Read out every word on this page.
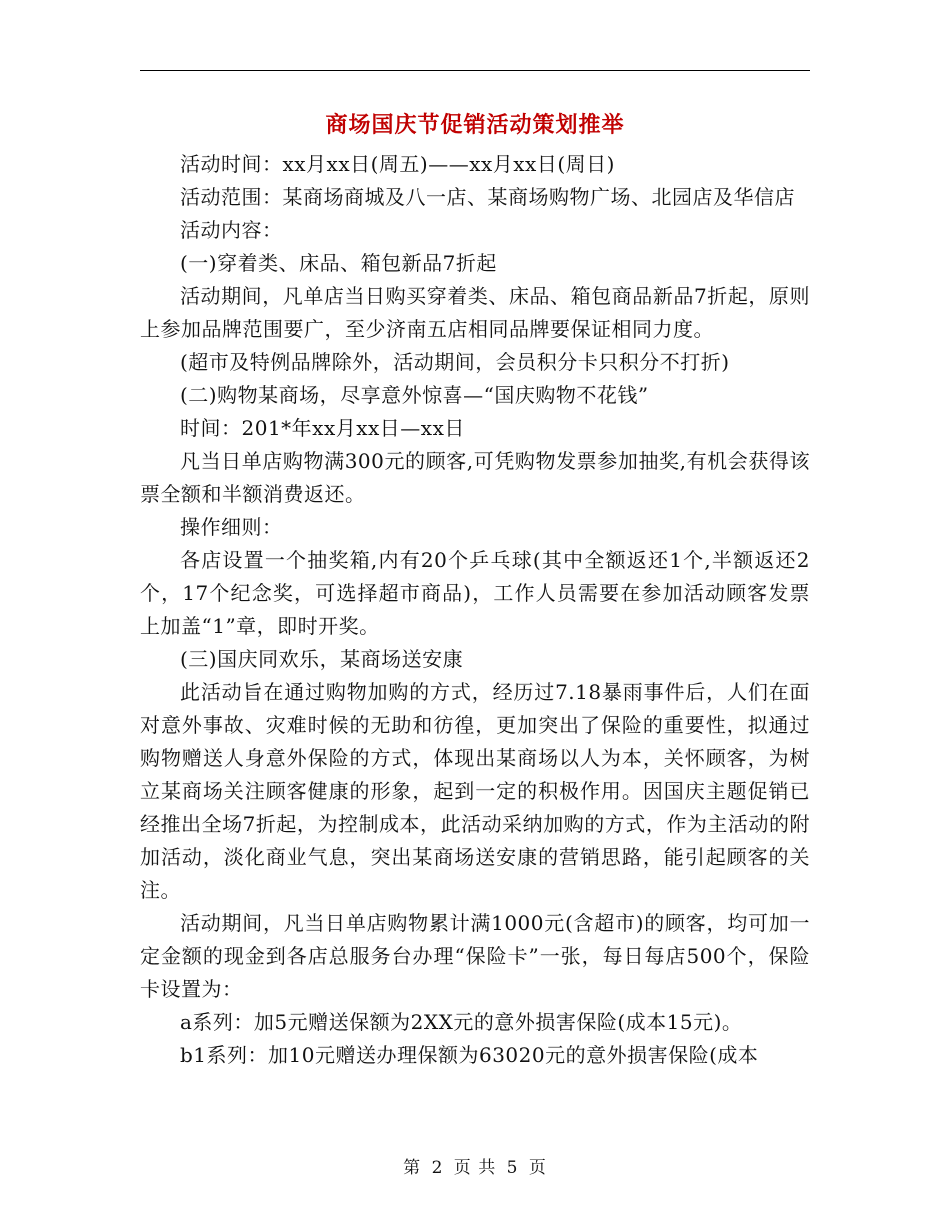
商场国庆节促销活动策划推举

活动时间：xx月xx日(周五)——xx月xx日(周日)

活动范围：某商场商城及八一店、某商场购物广场、北园店及华信店

活动内容：

(一)穿着类、床品、箱包新品7折起

活动期间，凡单店当日购买穿着类、床品、箱包商品新品7折起，原则上参加品牌范围要广，至少济南五店相同品牌要保证相同力度。

(超市及特例品牌除外，活动期间，会员积分卡只积分不打折)

(二)购物某商场，尽享意外惊喜—“国庆购物不花钱”

时间：201*年xx月xx日—xx日

凡当日单店购物满300元的顾客,可凭购物发票参加抽奖,有机会获得该票全额和半额消费返还。

操作细则：

各店设置一个抽奖箱,内有20个乒乓球(其中全额返还1个,半额返还2个，17个纪念奖，可选择超市商品)，工作人员需要在参加活动顾客发票上加盖“1”章，即时开奖。

(三)国庆同欢乐，某商场送安康

此活动旨在通过购物加购的方式，经历过7.18暴雨事件后，人们在面对意外事故、灾难时候的无助和彷徨，更加突出了保险的重要性，拟通过购物赠送人身意外保险的方式，体现出某商场以人为本，关怀顾客，为树立某商场关注顾客健康的形象，起到一定的积极作用。因国庆主题促销已经推出全场7折起，为控制成本，此活动采纳加购的方式，作为主活动的附加活动，淡化商业气息，突出某商场送安康的营销思路，能引起顾客的关注。

活动期间，凡当日单店购物累计满1000元(含超市)的顾客，均可加一定金额的现金到各店总服务台办理“保险卡”一张，每日每店500个，保险卡设置为：

a系列：加5元赠送保额为2XX元的意外损害保险(成本15元)。

b1系列：加10元赠送办理保额为63020元的意外损害保险(成本

第 2 页 共 5 页
